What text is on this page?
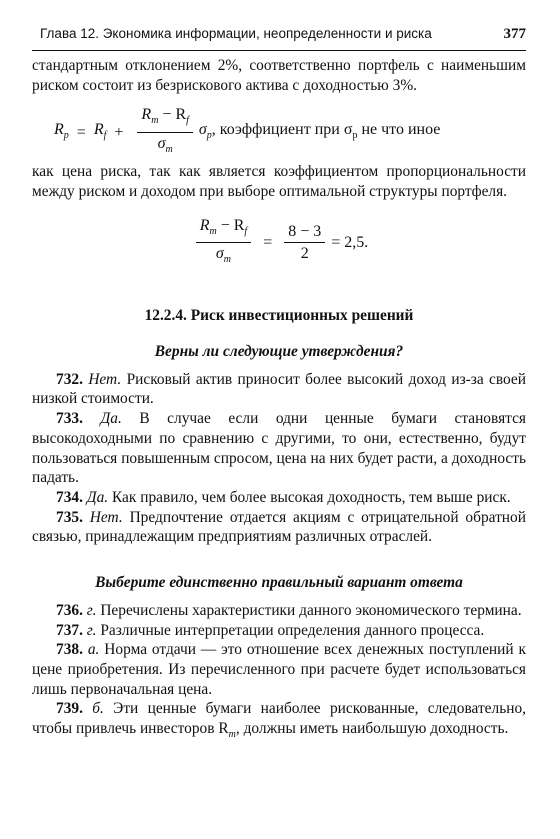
Глава 12. Экономика информации, неопределенности и риска	377

стандартным отклонением 2%, соответственно портфель с наименьшим риском состоит из безрискового актива с доходностью 3%.

$R_p = R_f + \frac{R_m - R_f}{\sigma_m} \sigma_p$ , коэффициент при $\sigma_p$ не что иное

как цена риска, так как является коэффициентом пропорциональности между риском и доходом при выборе оптимальной структуры портфеля.

$\frac{R_m - R_f}{\sigma_m} = \frac{8 - 3}{2} = 2,5$.
12.2.4. Риск инвестиционных решений
Верны ли следующие утверждения?

732. Нет. Рисковый актив приносит более высокий доход из-за своей низкой стоимости.

733. Да. В случае если одни ценные бумаги становятся высокодоходными по сравнению с другими, то они, естественно, будут пользоваться повышенным спросом, цена на них будет расти, а доходность падать.

734. Да. Как правило, чем более высокая доходность, тем выше риск.

735. Нет. Предпочтение отдается акциям с отрицательной обратной связью, принадлежащим предприятиям различных отраслей.

Выберите единственно правильный вариант ответа

736. г. Перечислены характеристики данного экономического термина.

737. г. Различные интерпретации определения данного процесса.

738. а. Норма отдачи — это отношение всех денежных поступлений к цене приобретения. Из перечисленного при расчете будет использоваться лишь первоначальная цена.

739. б. Эти ценные бумаги наиболее рискованные, следовательно, чтобы привлечь инвесторов $R_m$, должны иметь наибольшую доходность.
